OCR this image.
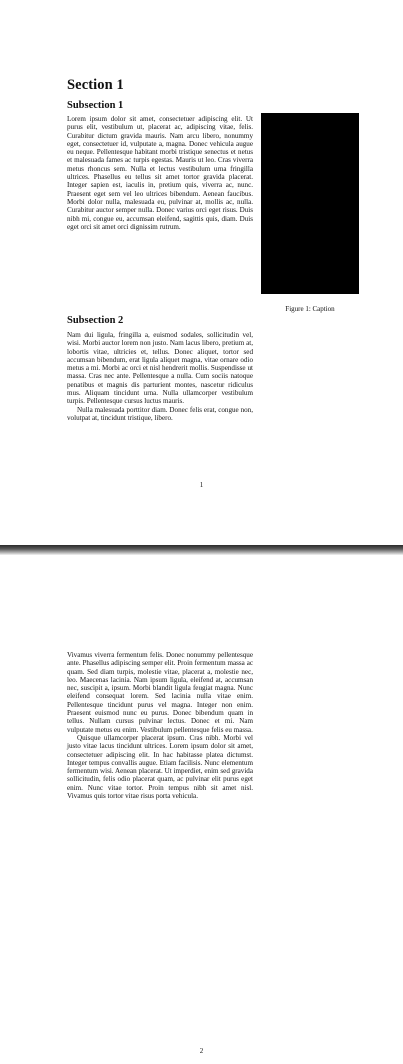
Section 1
Subsection 1

Lorem ipsum dolor sit amet, consectetuer adipiscing elit. Ut purus elit, vestibulum ut, placerat ac, adipiscing vitae, felis. Curabitur dictum gravida mauris. Nam arcu libero, nonummy eget, consectetuer id, vulputate a, magna. Donec vehicula augue eu neque. Pellentesque habitant morbi tristique senectus et netus et malesuada fames ac turpis egestas. Mauris ut leo. Cras viverra metus rhoncus sem. Nulla et lectus vestibulum urna fringilla ultrices. Phasellus eu tellus sit amet tortor gravida placerat. Integer sapien est, iaculis in, pretium quis, viverra ac, nunc. Praesent eget sem vel leo ultrices bibendum. Aenean faucibus. Morbi dolor nulla, malesuada eu, pulvinar at, mollis ac, nulla. Curabitur auctor semper nulla. Donec varius orci eget risus. Duis nibh mi, congue eu, accumsan eleifend, sagittis quis, diam. Duis eget orci sit amet orci dignissim rutrum.

Figure 1: Caption
Subsection 2

Nam dui ligula, fringilla a, euismod sodales, sollicitudin vel, wisi. Morbi auctor lorem non justo. Nam lacus libero, pretium at, lobortis vitae, ultricies et, tellus. Donec aliquet, tortor sed accumsan bibendum, erat ligula aliquet magna, vitae ornare odio metus a mi. Morbi ac orci et nisl hendrerit mollis. Suspendisse ut massa. Cras nec ante. Pellentesque a nulla. Cum sociis natoque penatibus et magnis dis parturient montes, nascetur ridiculus mus. Aliquam tincidunt urna. Nulla ullamcorper vestibulum turpis. Pellentesque cursus luctus mauris.

Nulla malesuada porttitor diam. Donec felis erat, congue non, volutpat at, tincidunt tristique, libero.

1

Vivamus viverra fermentum felis. Donec nonummy pellentesque ante. Phasellus adipiscing semper elit. Proin fermentum massa ac quam. Sed diam turpis, molestie vitae, placerat a, molestie nec, leo. Maecenas lacinia. Nam ipsum ligula, eleifend at, accumsan nec, suscipit a, ipsum. Morbi blandit ligula feugiat magna. Nunc eleifend consequat lorem. Sed lacinia nulla vitae enim. Pellentesque tincidunt purus vel magna. Integer non enim. Praesent euismod nunc eu purus. Donec bibendum quam in tellus. Nullam cursus pulvinar lectus. Donec et mi. Nam vulputate metus eu enim. Vestibulum pellentesque felis eu massa.

Quisque ullamcorper placerat ipsum. Cras nibh. Morbi vel justo vitae lacus tincidunt ultrices. Lorem ipsum dolor sit amet, consectetuer adipiscing elit. In hac habitasse platea dictumst. Integer tempus convallis augue. Etiam facilisis. Nunc elementum fermentum wisi. Aenean placerat. Ut imperdiet, enim sed gravida sollicitudin, felis odio placerat quam, ac pulvinar elit purus eget enim. Nunc vitae tortor. Proin tempus nibh sit amet nisl. Vivamus quis tortor vitae risus porta vehicula.

2
